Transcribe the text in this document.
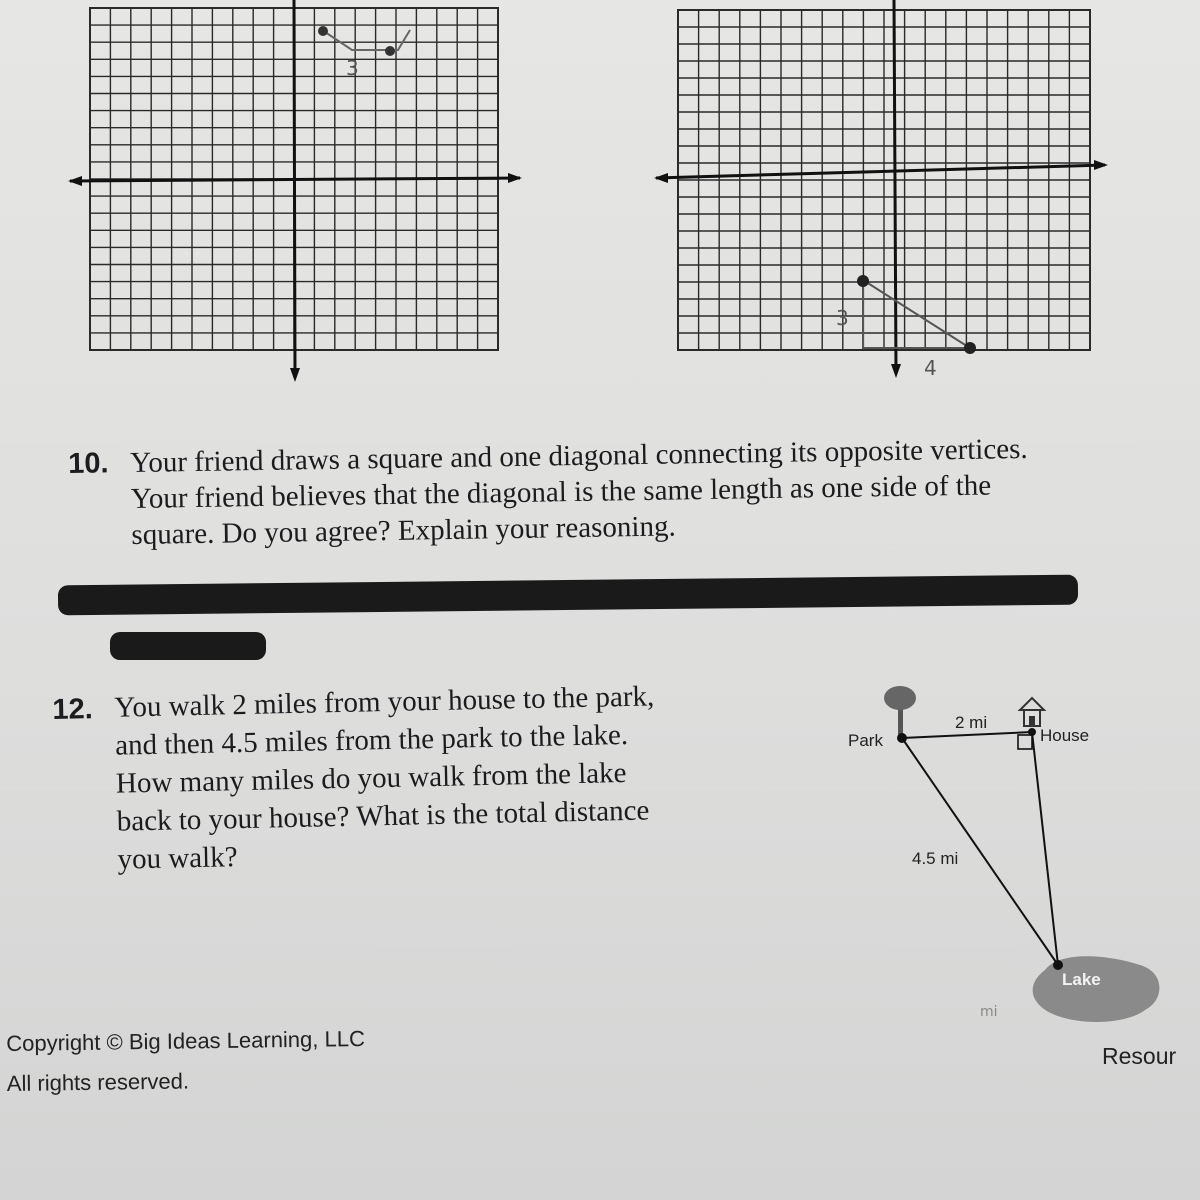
3
3
4
10. Your friend draws a square and one diagonal connecting its opposite vertices.
Your friend believes that the diagonal is the same length as one side of the
square. Do you agree? Explain your reasoning.
12. You walk 2 miles from your house to the park,
and then 4.5 miles from the park to the lake.
How many miles do you walk from the lake
back to your house? What is the total distance
you walk?
Park	House
2 mi
4.5 mi
Lake
mi
Copyright © Big Ideas Learning, LLC
All rights reserved.
Resour
